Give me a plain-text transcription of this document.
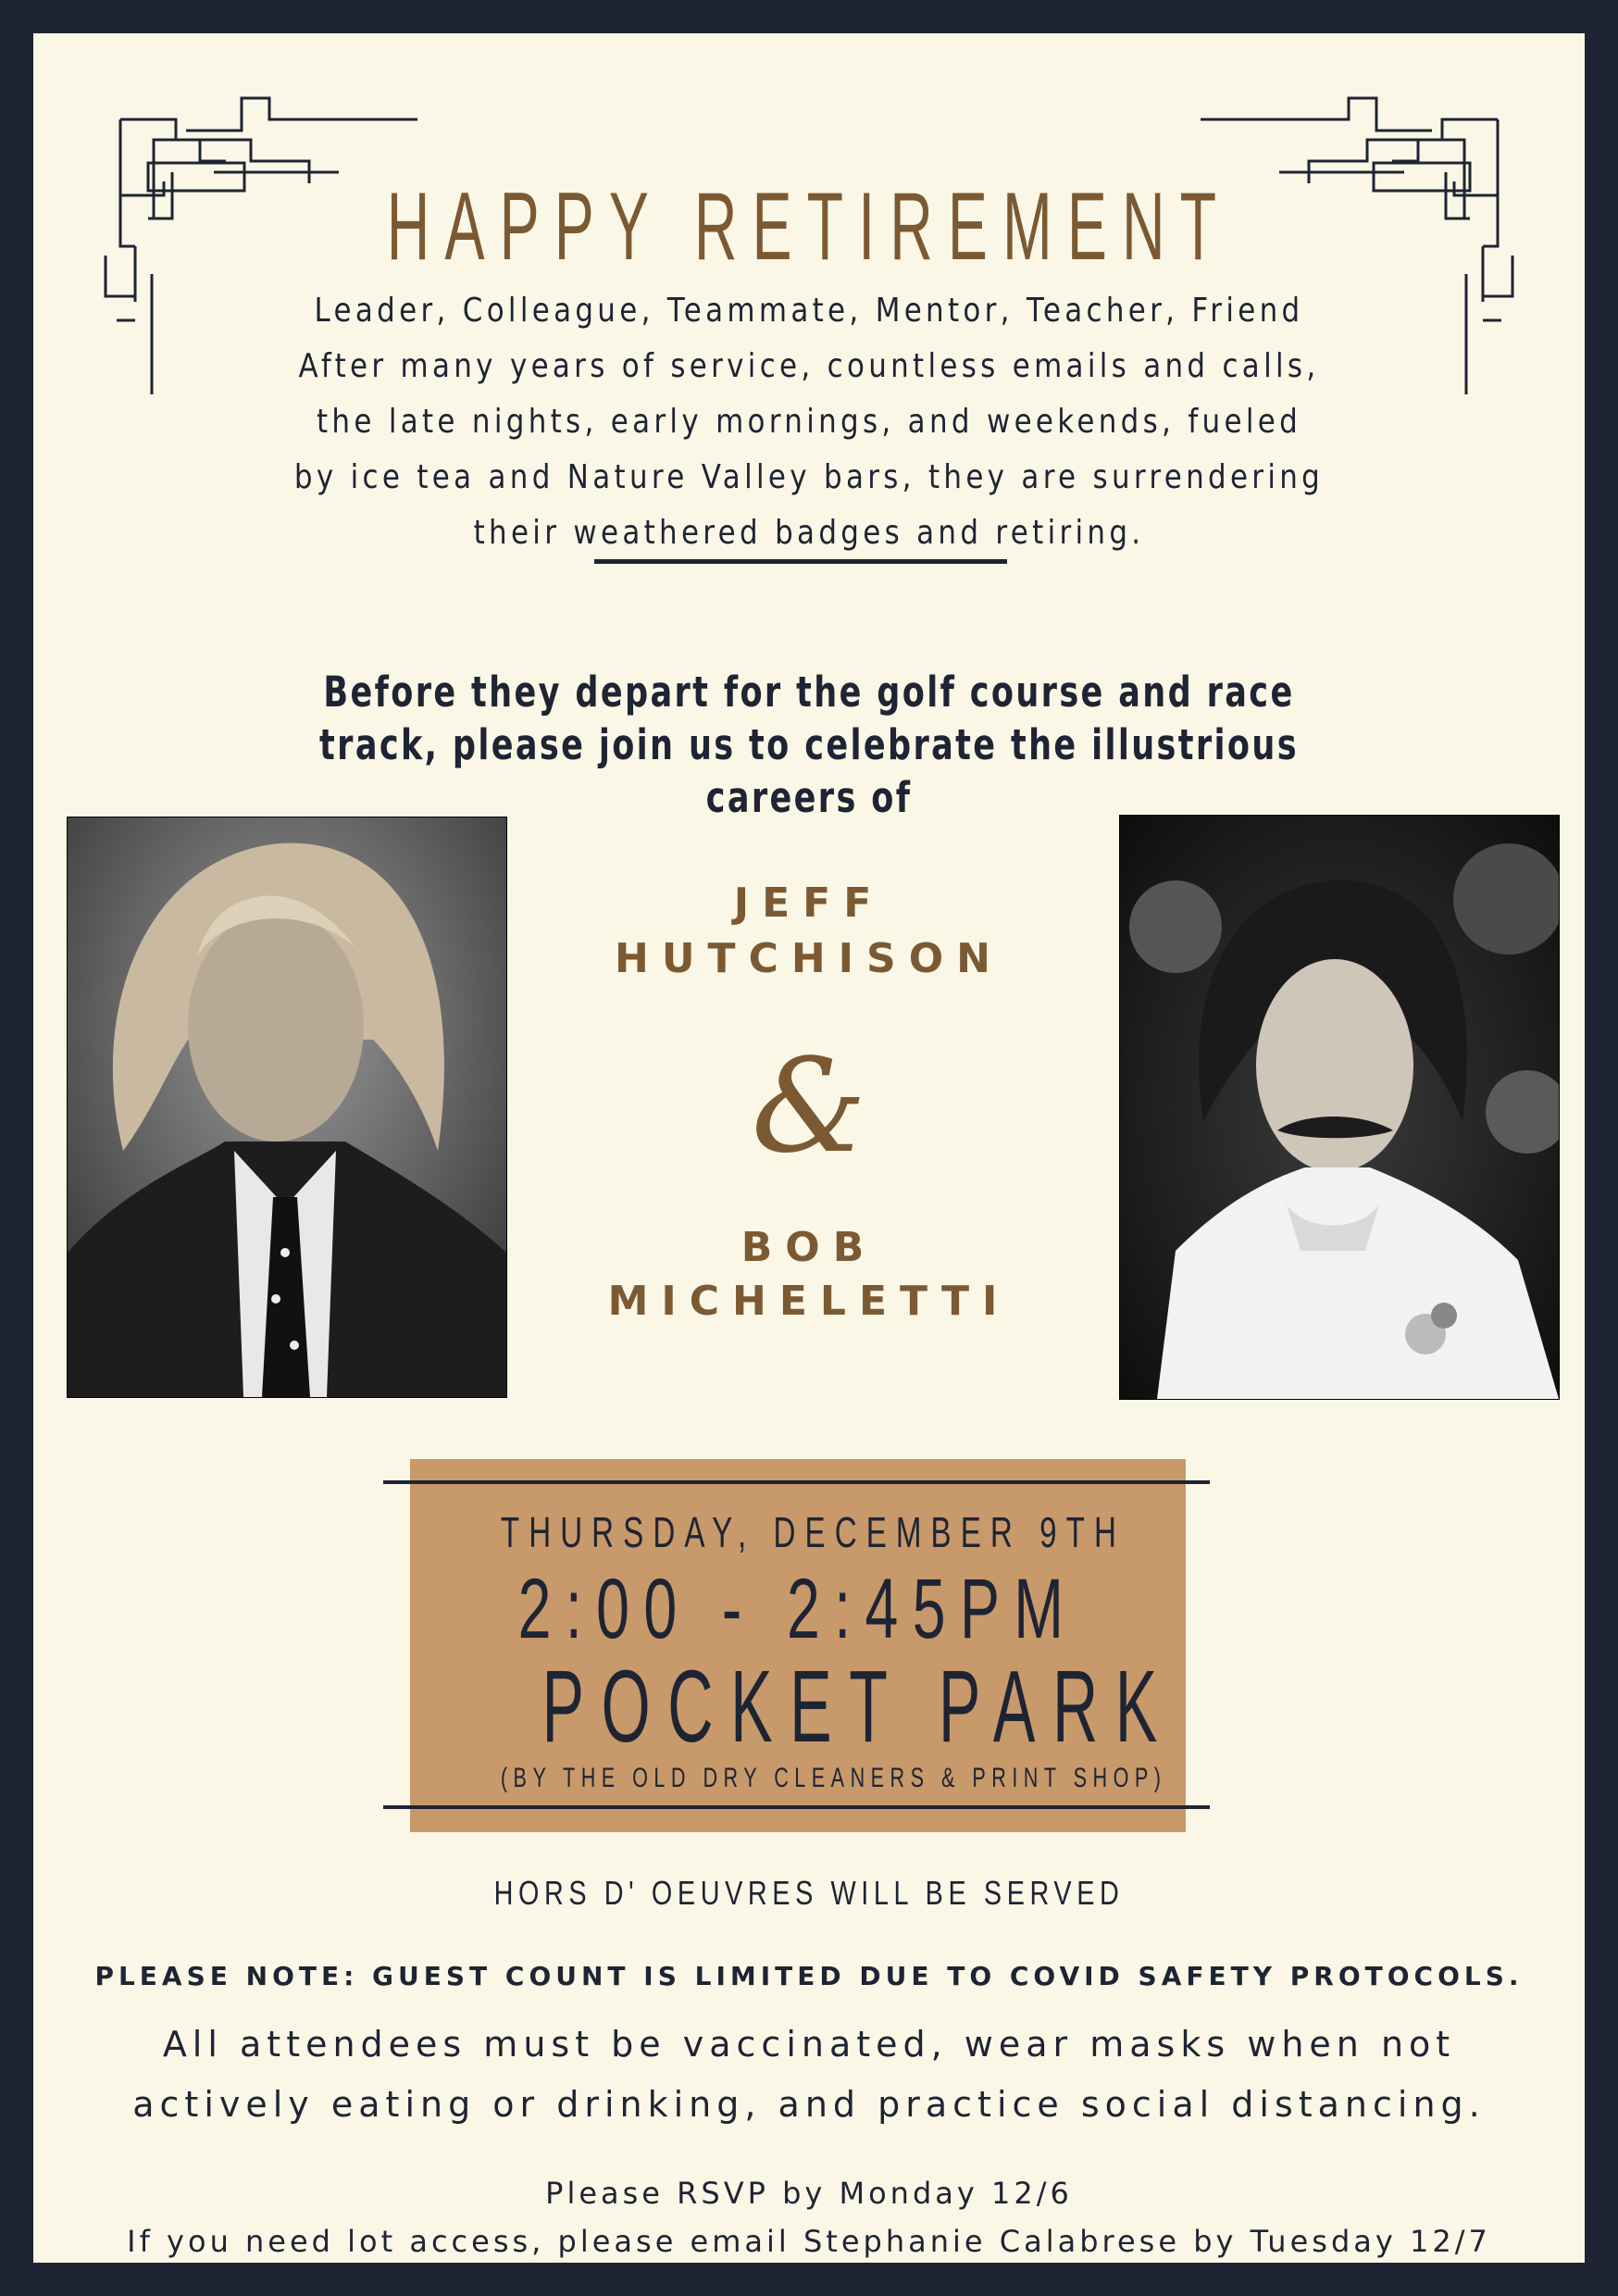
HAPPY RETIREMENT
Leader, Colleague, Teammate, Mentor, Teacher, Friend
After many years of service, countless emails and calls,
the late nights, early mornings, and weekends, fueled
by ice tea and Nature Valley bars, they are surrendering
their weathered badges and retiring.
Before they depart for the golf course and race
track, please join us to celebrate the illustrious
careers of
JEFF
HUTCHISON
&
BOB
MICHELETTI
THURSDAY, DECEMBER 9TH
2:00 - 2:45PM
POCKET PARK
(BY THE OLD DRY CLEANERS & PRINT SHOP)
HORS D' OEUVRES WILL BE SERVED
PLEASE NOTE: GUEST COUNT IS LIMITED DUE TO COVID SAFETY PROTOCOLS.
All attendees must be vaccinated, wear masks when not
actively eating or drinking, and practice social distancing.
Please RSVP by Monday 12/6
If you need lot access, please email Stephanie Calabrese by Tuesday 12/7
